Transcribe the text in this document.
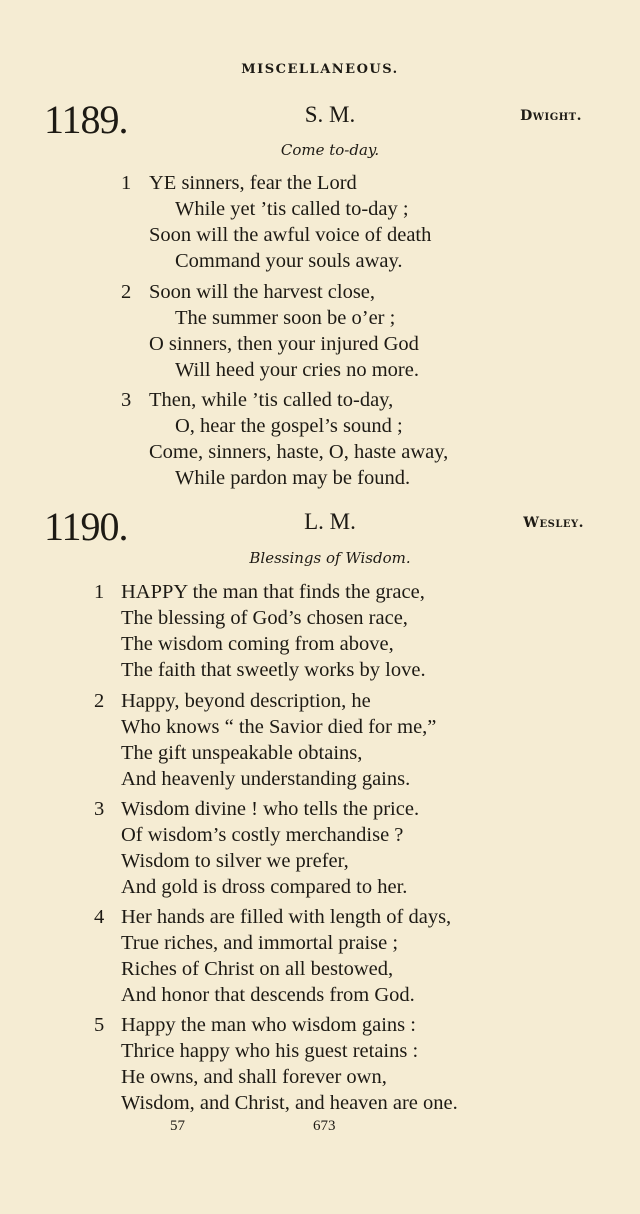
MISCELLANEOUS.
1189.	S. M.	Dwight.
Come to-day.
1 YE sinners, fear the Lord
While yet ’tis called to-day ;
Soon will the awful voice of death
Command your souls away.
2 Soon will the harvest close,
The summer soon be o’er ;
O sinners, then your injured God
Will heed your cries no more.
3 Then, while ’tis called to-day,
O, hear the gospel’s sound ;
Come, sinners, haste, O, haste away,
While pardon may be found.
1190.	L. M.	Wesley.
Blessings of Wisdom.
1 HAPPY the man that finds the grace,
The blessing of God’s chosen race,
The wisdom coming from above,
The faith that sweetly works by love.
2 Happy, beyond description, he
Who knows “ the Savior died for me,”
The gift unspeakable obtains,
And heavenly understanding gains.
3 Wisdom divine ! who tells the price.
Of wisdom’s costly merchandise ?
Wisdom to silver we prefer,
And gold is dross compared to her.
4 Her hands are filled with length of days,
True riches, and immortal praise ;
Riches of Christ on all bestowed,
And honor that descends from God.
5 Happy the man who wisdom gains :
Thrice happy who his guest retains :
He owns, and shall forever own,
Wisdom, and Christ, and heaven are one.
57	673
